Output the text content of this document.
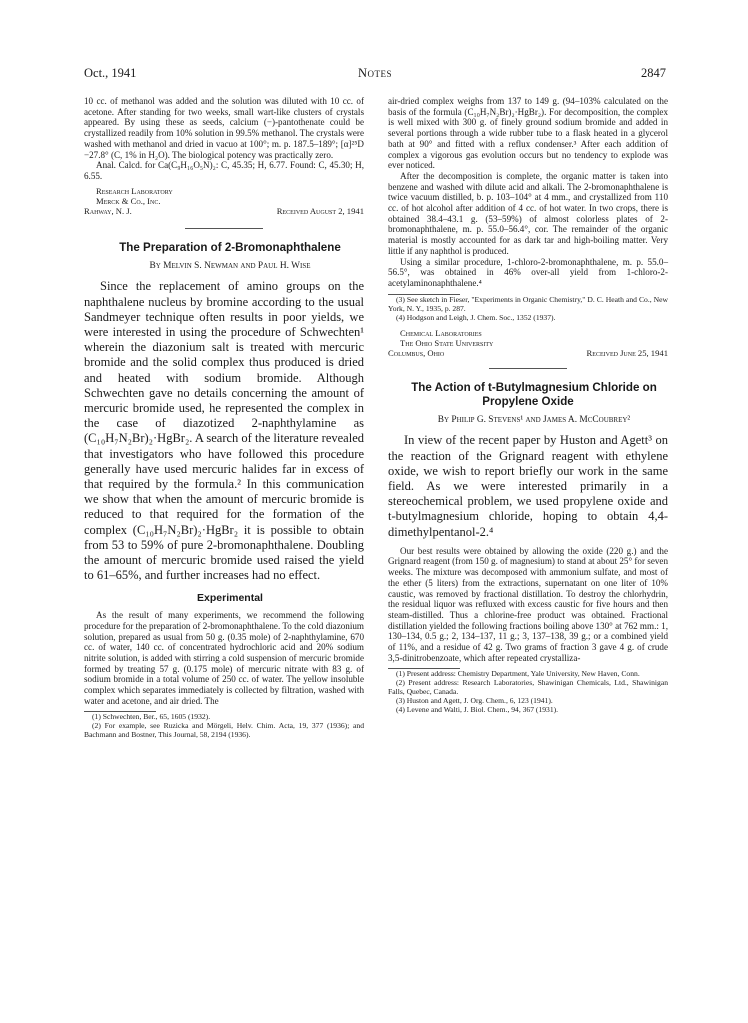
Oct., 1941	Notes	2847

10 cc. of methanol was added and the solution was diluted with 10 cc. of acetone. After standing for two weeks, small wart-like clusters of crystals appeared. By using these as seeds, calcium (−)-pantothenate could be crystallized readily from 10% solution in 99.5% methanol. The crystals were washed with methanol and dried in vacuo at 100°; m. p. 187.5–189°; [α]²⁵D −27.8° (C, 1% in H₂O). The biological potency was practically zero.

Anal. Calcd. for Ca(C₉H₁₆O₅N)₂: C, 45.35; H, 6.77. Found: C, 45.30; H, 6.55.

Research Laboratory

Merck & Co., Inc.

Rahway, N. J.	Received August 2, 1941

The Preparation of 2-Bromonaphthalene

By Melvin S. Newman and Paul H. Wise

Since the replacement of amino groups on the naphthalene nucleus by bromine according to the usual Sandmeyer technique often results in poor yields, we were interested in using the procedure of Schwechten¹ wherein the diazonium salt is treated with mercuric bromide and the solid complex thus produced is dried and heated with sodium bromide. Although Schwechten gave no details concerning the amount of mercuric bromide used, he represented the complex in the case of diazotized 2-naphthylamine as (C₁₀H₇N₂Br)₂·HgBr₂. A search of the literature revealed that investigators who have followed this procedure generally have used mercuric halides far in excess of that required by the formula.² In this communication we show that when the amount of mercuric bromide is reduced to that required for the formation of the complex (C₁₀H₇N₂Br)₂·HgBr₂ it is possible to obtain from 53 to 59% of pure 2-bromonaphthalene. Doubling the amount of mercuric bromide used raised the yield to 61–65%, and further increases had no effect.

Experimental

As the result of many experiments, we recommend the following procedure for the preparation of 2-bromonaphthalene. To the cold diazonium solution, prepared as usual from 50 g. (0.35 mole) of 2-naphthylamine, 670 cc. of water, 140 cc. of concentrated hydrochloric acid and 20% sodium nitrite solution, is added with stirring a cold suspension of mercuric bromide formed by treating 57 g. (0.175 mole) of mercuric nitrate with 83 g. of sodium bromide in a total volume of 250 cc. of water. The yellow insoluble complex which separates immediately is collected by filtration, washed with water and acetone, and air dried. The

(1) Schwechten, Ber., 65, 1605 (1932).

(2) For example, see Ruzicka and Mörgeli, Helv. Chim. Acta, 19, 377 (1936); and Bachmann and Bostner, This Journal, 58, 2194 (1936).

air-dried complex weighs from 137 to 149 g. (94–103% calculated on the basis of the formula (C₁₀H₇N₂Br)₂·HgBr₂). For decomposition, the complex is well mixed with 300 g. of finely ground sodium bromide and added in several portions through a wide rubber tube to a flask heated in a glycerol bath at 90° and fitted with a reflux condenser.³ After each addition of complex a vigorous gas evolution occurs but no tendency to explode was ever noticed.

After the decomposition is complete, the organic matter is taken into benzene and washed with dilute acid and alkali. The 2-bromonaphthalene is twice vacuum distilled, b. p. 103–104° at 4 mm., and crystallized from 110 cc. of hot alcohol after addition of 4 cc. of hot water. In two crops, there is obtained 38.4–43.1 g. (53–59%) of almost colorless plates of 2-bromonaphthalene, m. p. 55.0–56.4°, cor. The remainder of the organic material is mostly accounted for as dark tar and high-boiling matter. Very little if any naphthol is produced.

Using a similar procedure, 1-chloro-2-bromonaphthalene, m. p. 55.0–56.5°, was obtained in 46% over-all yield from 1-chloro-2-acetylaminonaphthalene.⁴

(3) See sketch in Fieser, "Experiments in Organic Chemistry," D. C. Heath and Co., New York, N. Y., 1935, p. 287.

(4) Hodgson and Leigh, J. Chem. Soc., 1352 (1937).

Chemical Laboratories

The Ohio State University

Columbus, Ohio	Received June 25, 1941

The Action of t-Butylmagnesium Chloride on Propylene Oxide

By Philip G. Stevens¹ and James A. McCoubrey²

In view of the recent paper by Huston and Agett³ on the reaction of the Grignard reagent with ethylene oxide, we wish to report briefly our work in the same field. As we were interested primarily in a stereochemical problem, we used propylene oxide and t-butylmagnesium chloride, hoping to obtain 4,4-dimethylpentanol-2.⁴

Our best results were obtained by allowing the oxide (220 g.) and the Grignard reagent (from 150 g. of magnesium) to stand at about 25° for seven weeks. The mixture was decomposed with ammonium sulfate, and most of the ether (5 liters) from the extractions, supernatant on one liter of 10% caustic, was removed by fractional distillation. To destroy the chlorhydrin, the residual liquor was refluxed with excess caustic for five hours and then steam-distilled. Thus a chlorine-free product was obtained. Fractional distillation yielded the following fractions boiling above 130° at 762 mm.: 1, 130–134, 0.5 g.; 2, 134–137, 11 g.; 3, 137–138, 39 g.; or a combined yield of 11%, and a residue of 42 g. Two grams of fraction 3 gave 4 g. of crude 3,5-dinitrobenzoate, which after repeated crystalliza-

(1) Present address: Chemistry Department, Yale University, New Haven, Conn.

(2) Present address: Research Laboratories, Shawinigan Chemicals, Ltd., Shawinigan Falls, Quebec, Canada.

(3) Huston and Agett, J. Org. Chem., 6, 123 (1941).

(4) Levene and Walti, J. Biol. Chem., 94, 367 (1931).
